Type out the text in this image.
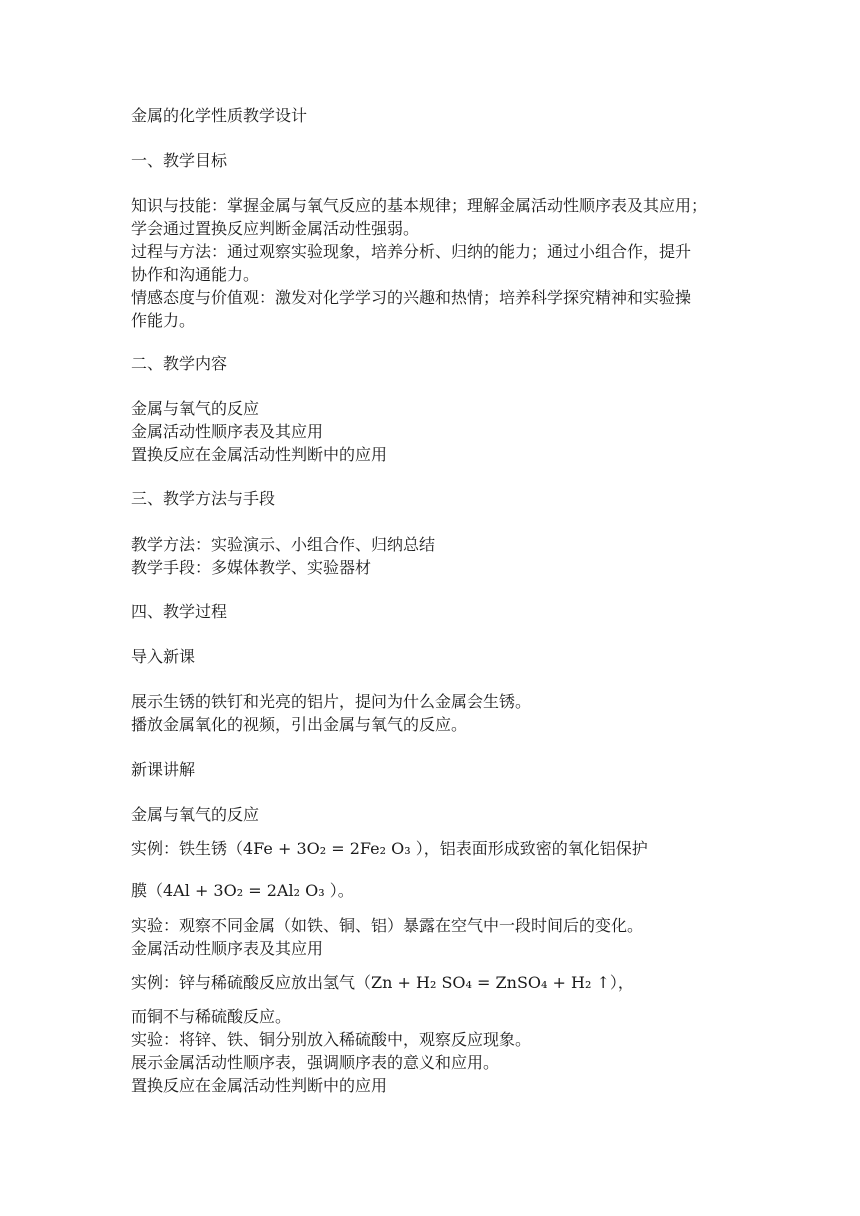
金属的化学性质教学设计
一、教学目标
知识与技能：掌握金属与氧气反应的基本规律；理解金属活动性顺序表及其应用；
学会通过置换反应判断金属活动性强弱。
过程与方法：通过观察实验现象，培养分析、归纳的能力；通过小组合作，提升
协作和沟通能力。
情感态度与价值观：激发对化学学习的兴趣和热情；培养科学探究精神和实验操
作能力。
二、教学内容
金属与氧气的反应
金属活动性顺序表及其应用
置换反应在金属活动性判断中的应用
三、教学方法与手段
教学方法：实验演示、小组合作、归纳总结
教学手段：多媒体教学、实验器材
四、教学过程
导入新课
展示生锈的铁钉和光亮的铝片，提问为什么金属会生锈。
播放金属氧化的视频，引出金属与氧气的反应。
新课讲解
金属与氧气的反应
实例：铁生锈（4Fe + 3O₂ = 2Fe₂ O₃ ），铝表面形成致密的氧化铝保护
膜（4Al + 3O₂ = 2Al₂ O₃ ）。
实验：观察不同金属（如铁、铜、铝）暴露在空气中一段时间后的变化。
金属活动性顺序表及其应用
实例：锌与稀硫酸反应放出氢气（Zn + H₂ SO₄ = ZnSO₄ + H₂ ↑），
而铜不与稀硫酸反应。
实验：将锌、铁、铜分别放入稀硫酸中，观察反应现象。
展示金属活动性顺序表，强调顺序表的意义和应用。
置换反应在金属活动性判断中的应用
